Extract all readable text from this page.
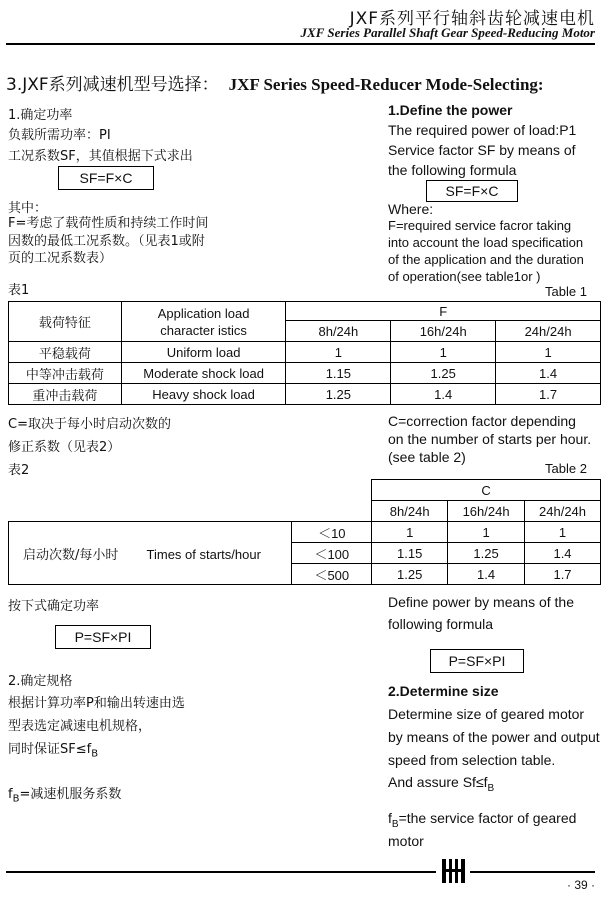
JXF系列平行轴斜齿轮减速电机
JXF Series Parallel Shaft Gear Speed-Reducing Motor
3.JXF系列减速机型号选择： JXF Series Speed-Reducer Mode-Selecting:
1.确定功率
负载所需功率：PI
工况系数SF，其值根据下式求出
SF=F×C
其中：
F=考虑了载荷性质和持续工作时间
因数的最低工况系数。（见表1或附
页的工况系数表）
表1
1.Define the power
The required power of load:P1
Service factor SF by means of
the following formula
SF=F×C
Where:
F=required service facror taking
into account the load specification
of the application and the duration
of operation(see table1or )
Table 1
载荷特征	Application load
character istics	F		
		8h/24h	16h/24h	24h/24h
平稳载荷	Uniform load	1	1	1
中等冲击载荷	Moderate shock load	1.15	1.25	1.4
重冲击载荷	Heavy shock load	1.25	1.4	1.7
C=取决于每小时启动次数的
修正系数（见表2）
表2
C=correction factor depending
on the number of starts per hour.
(see table 2)
Table 2
		C		
		8h/24h	16h/24h	24h/24h
启动次数/每小时 Times of starts/hour	＜10	1	1	1
	＜100	1.15	1.25	1.4
	＜500	1.25	1.4	1.7
按下式确定功率
P=SF×PI
Define power by means of the
following formula
P=SF×PI
2.确定规格
根据计算功率P和输出转速由选
型表选定减速电机规格，
同时保证$SF\le f_B$
$f_B=$减速机服务系数
2.Determine size
Determine size of geared motor
by means of the power and output
speed from selection table.
And assure $Sf\le f_B$
$f_B=the$ service factor of geared
motor
· 39 ·
